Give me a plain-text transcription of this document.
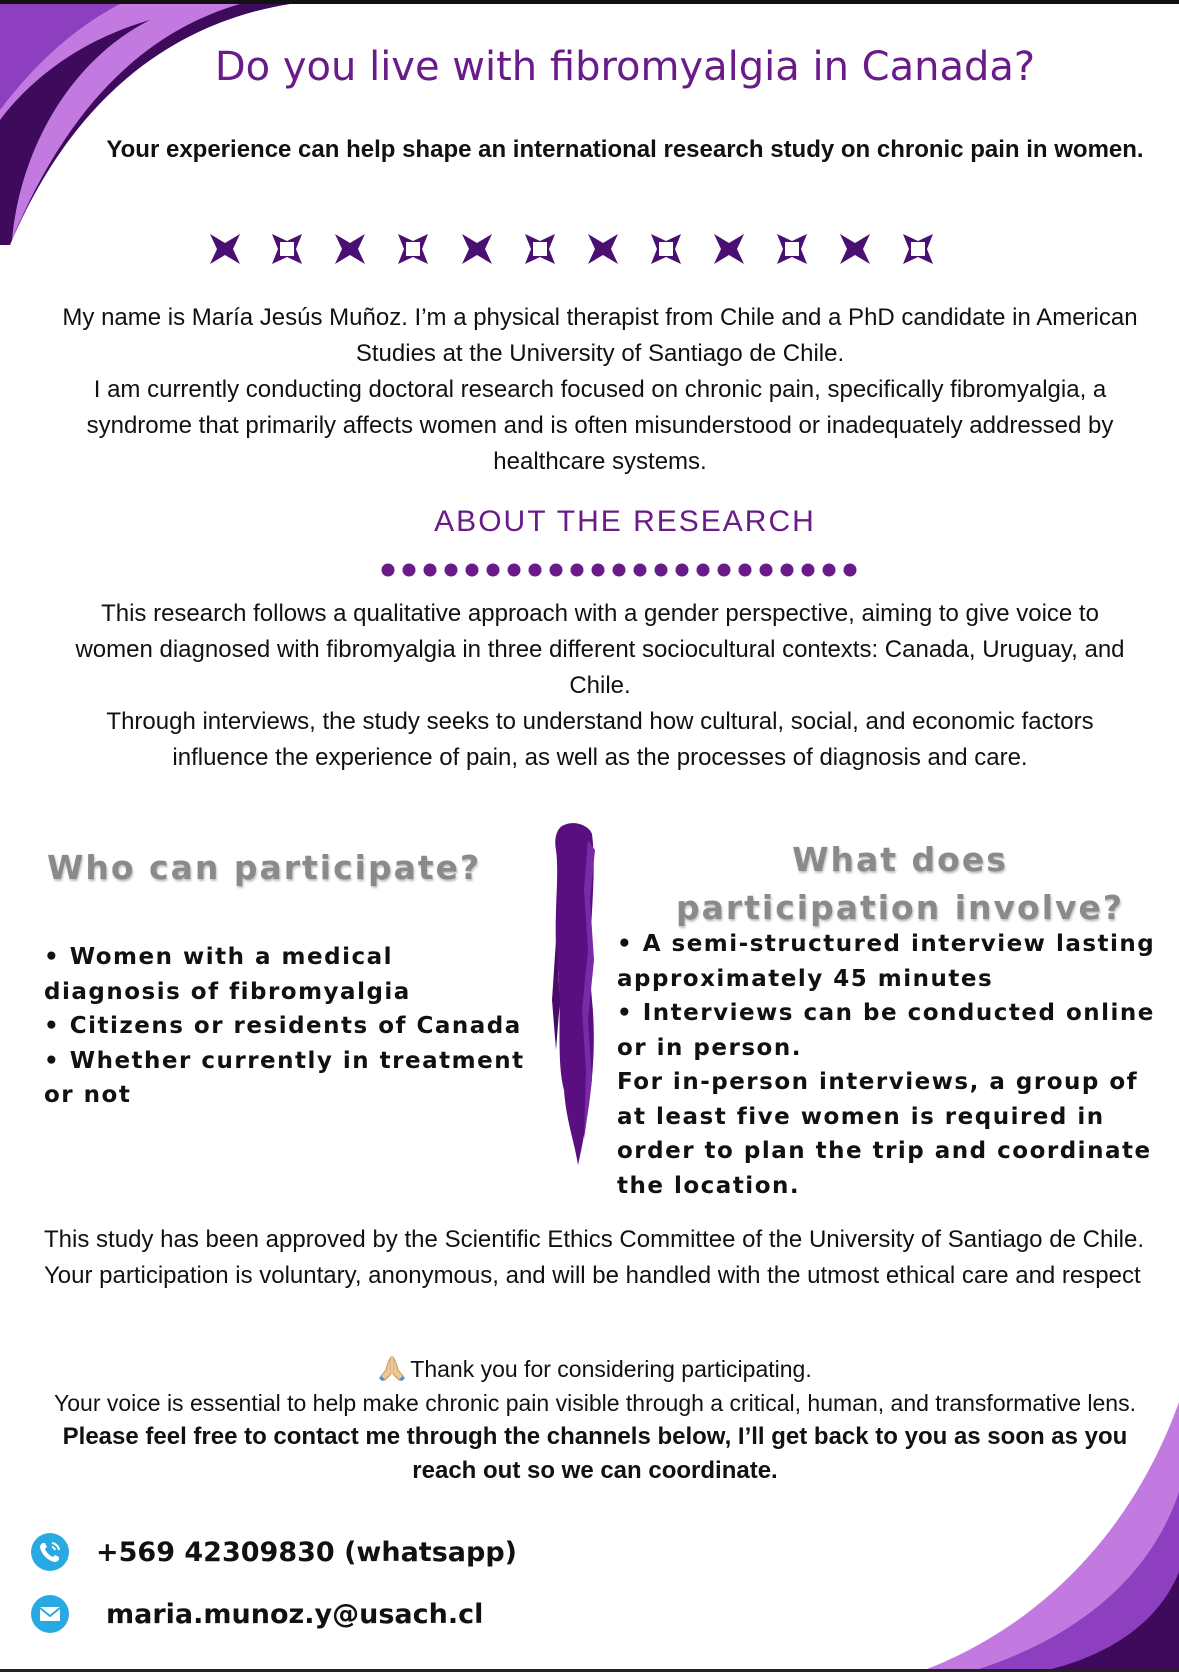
Do you live with fibromyalgia in Canada?

Your experience can help shape an international research study on chronic pain in women.

My name is María Jesús Muñoz. I’m a physical therapist from Chile and a PhD candidate in American Studies at the University of Santiago de Chile.

I am currently conducting doctoral research focused on chronic pain, specifically fibromyalgia, a syndrome that primarily affects women and is often misunderstood or inadequately addressed by healthcare systems.

ABOUT THE RESEARCH

This research follows a qualitative approach with a gender perspective, aiming to give voice to women diagnosed with fibromyalgia in three different sociocultural contexts: Canada, Uruguay, and Chile.

Through interviews, the study seeks to understand how cultural, social, and economic factors influence the experience of pain, as well as the processes of diagnosis and care.

Who can participate?

• Women with a medical diagnosis of fibromyalgia

• Citizens or residents of Canada

• Whether currently in treatment or not

What does participation involve?

• A semi-structured interview lasting approximately 45 minutes

• Interviews can be conducted online or in person.

For in-person interviews, a group of at least five women is required in order to plan the trip and coordinate the location.

This study has been approved by the Scientific Ethics Committee of the University of Santiago de Chile. Your participation is voluntary, anonymous, and will be handled with the utmost ethical care and respect

Thank you for considering participating.

Your voice is essential to help make chronic pain visible through a critical, human, and transformative lens.

Please feel free to contact me through the channels below, I’ll get back to you as soon as you reach out so we can coordinate.

+569 42309830 (whatsapp)
maria.munoz.y@usach.cl
